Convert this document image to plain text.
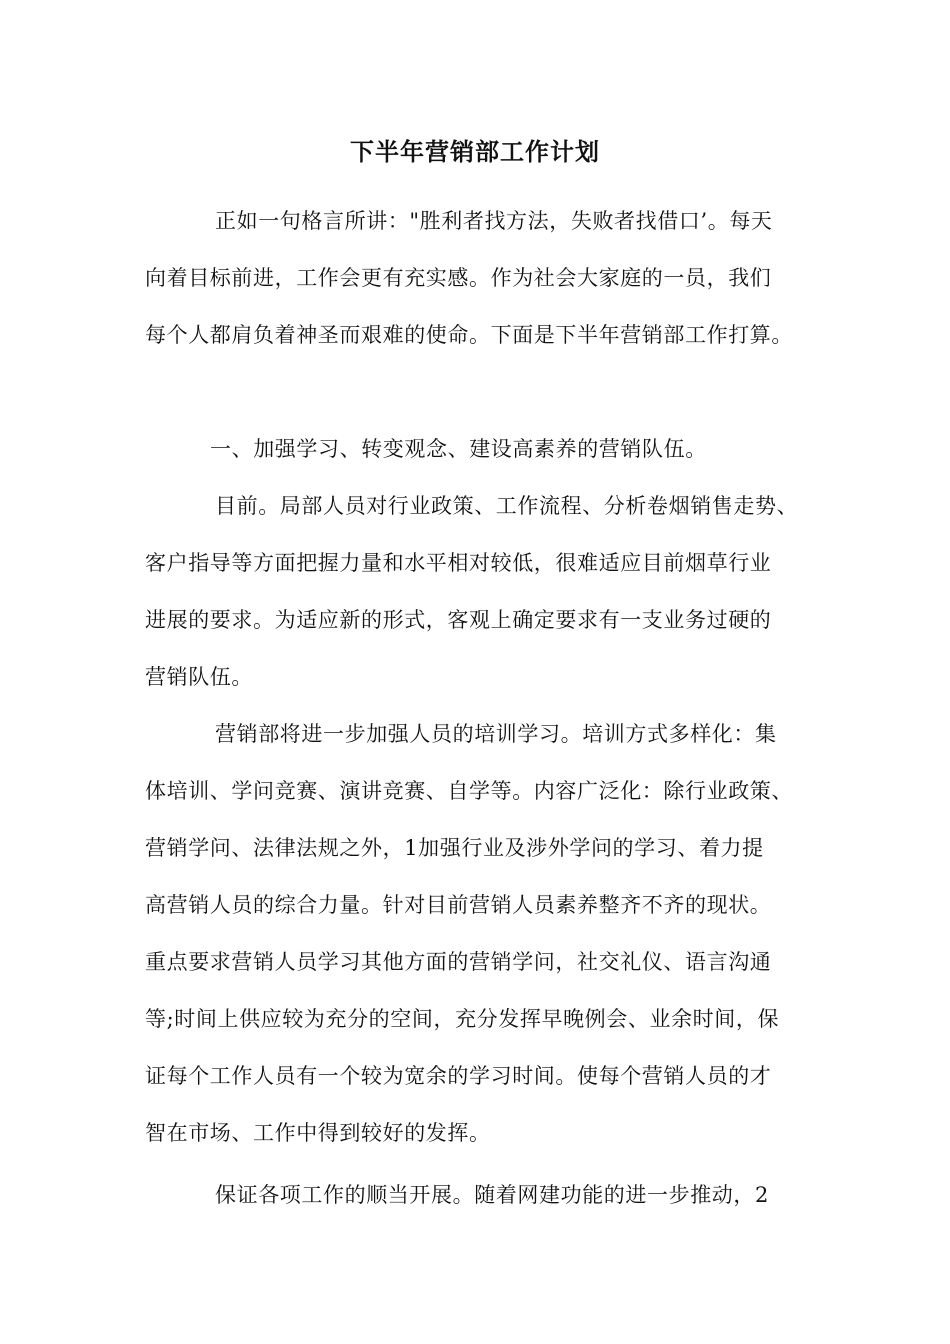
下半年营销部工作计划
正如一句格言所讲："胜利者找方法，失败者找借口’。每天
向着目标前进，工作会更有充实感。作为社会大家庭的一员，我们
每个人都肩负着神圣而艰难的使命。下面是下半年营销部工作打算。
一、加强学习、转变观念、建设高素养的营销队伍。
目前。局部人员对行业政策、工作流程、分析卷烟销售走势、
客户指导等方面把握力量和水平相对较低，很难适应目前烟草行业
进展的要求。为适应新的形式，客观上确定要求有一支业务过硬的
营销队伍。
营销部将进一步加强人员的培训学习。培训方式多样化：集
体培训、学问竞赛、演讲竞赛、自学等。内容广泛化：除行业政策、
营销学问、法律法规之外，1加强行业及涉外学问的学习、着力提
高营销人员的综合力量。针对目前营销人员素养整齐不齐的现状。
重点要求营销人员学习其他方面的营销学问，社交礼仪、语言沟通
等;时间上供应较为充分的空间，充分发挥早晚例会、业余时间，保
证每个工作人员有一个较为宽余的学习时间。使每个营销人员的才
智在市场、工作中得到较好的发挥。
保证各项工作的顺当开展。随着网建功能的进一步推动，2
